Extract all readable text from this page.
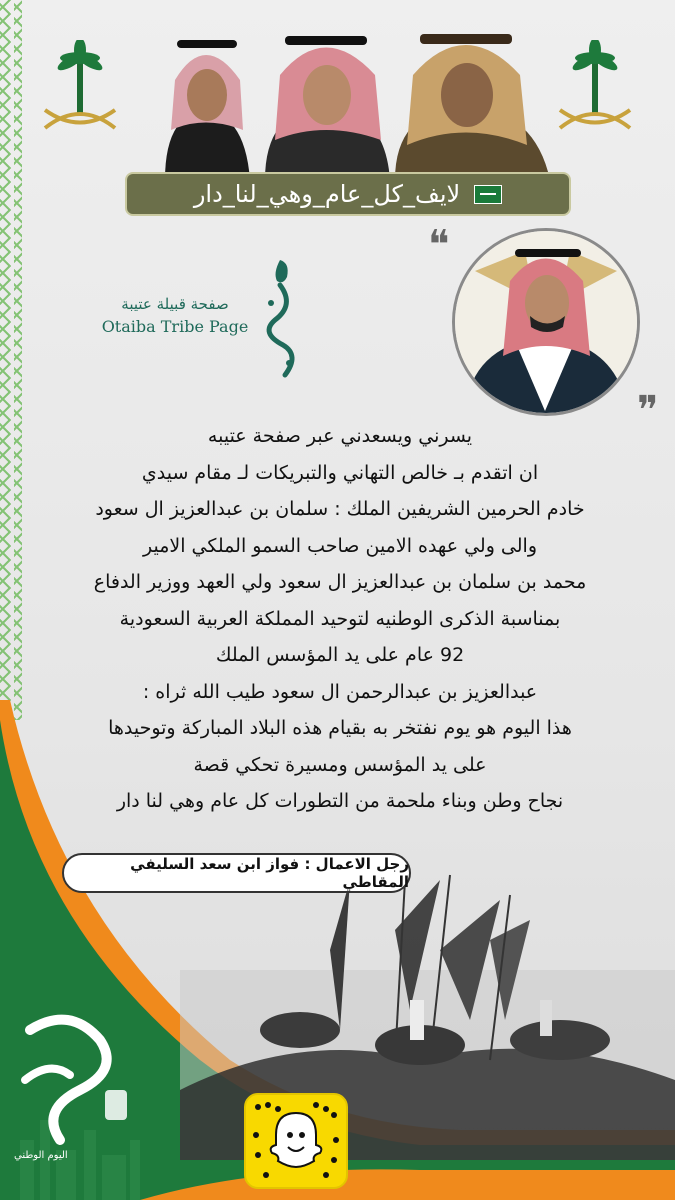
لايف_كل_عام_وهي_لنا_دار
صفحة قبيلة عتيبة
Otaiba Tribe Page
❝
❞

يسرني ويسعدني عبر صفحة عتيبه

ان اتقدم بـ خالص التهاني والتبريكات لـ مقام سيدي

خادم الحرمين الشريفين الملك : سلمان بن عبدالعزيز ال سعود

والى ولي عهده الامين صاحب السمو الملكي الامير

محمد بن سلمان بن عبدالعزيز ال سعود ولي العهد ووزير الدفاع

بمناسبة الذكرى الوطنيه لتوحيد المملكة العربية السعودية

92 عام على يد المؤسس الملك

عبدالعزيز بن عبدالرحمن ال سعود طيب الله ثراه :

هذا اليوم هو يوم نفتخر به بقيام هذه البلاد المباركة وتوحيدها

على يد المؤسس ومسيرة تحكي قصة

نجاح وطن وبناء ملحمة من التطورات كل عام وهي لنا دار

اليوم الوطني
رجل الاعمال : فواز ابن سعد السليفي المقاطي
